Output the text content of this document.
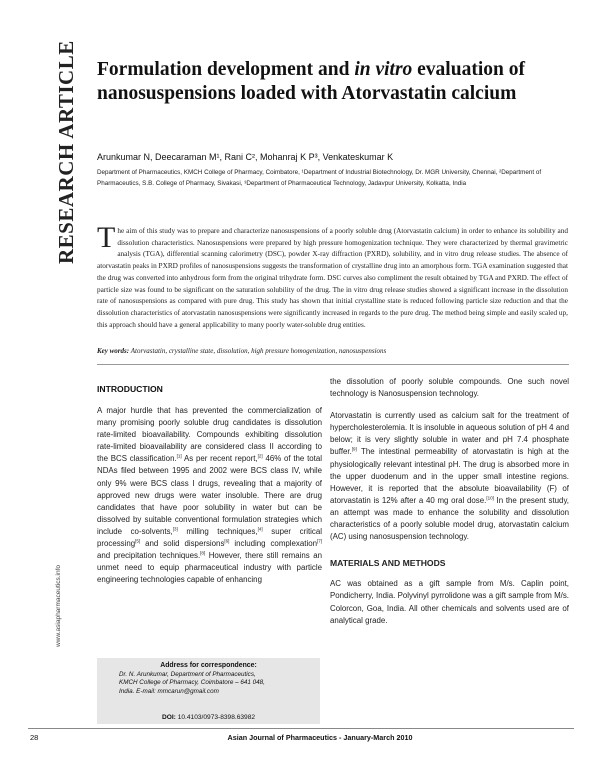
RESEARCH ARTICLE
www.asiapharmaceutics.info
Formulation development and in vitro evaluation of nanosuspensions loaded with Atorvastatin calcium
Arunkumar N, Deecaraman M¹, Rani C², Mohanraj K P³, Venkateskumar K
Department of Pharmaceutics, KMCH College of Pharmacy, Coimbatore, ¹Department of Industrial Biotechnology, Dr. MGR University, Chennai, ²Department of Pharmaceutics, S.B. College of Pharmacy, Sivakasi, ³Department of Pharmaceutical Technology, Jadavpur University, Kolkatta, India
The aim of this study was to prepare and characterize nanosuspensions of a poorly soluble drug (Atorvastatin calcium) in order to enhance its solubility and dissolution characteristics. Nanosuspensions were prepared by high pressure homogenization technique. They were characterized by thermal gravimetric analysis (TGA), differential scanning calorimetry (DSC), powder X-ray diffraction (PXRD), solubility, and in vitro drug release studies. The absence of atorvastatin peaks in PXRD profiles of nanosuspensions suggests the transformation of crystalline drug into an amorphous form. TGA examination suggested that the drug was converted into anhydrous form from the original trihydrate form. DSC curves also compliment the result obtained by TGA and PXRD. The effect of particle size was found to be significant on the saturation solubility of the drug. The in vitro drug release studies showed a significant increase in the dissolution rate of nanosuspensions as compared with pure drug. This study has shown that initial crystalline state is reduced following particle size reduction and that the dissolution characteristics of atorvastatin nanosuspensions were significantly increased in regards to the pure drug. The method being simple and easily scaled up, this approach should have a general applicability to many poorly water-soluble drug entities.
Key words: Atorvastatin, crystalline state, dissolution, high pressure homogenization, nanosuspensions
INTRODUCTION

A major hurdle that has prevented the commercialization of many promising poorly soluble drug candidates is dissolution rate-limited bioavailability. Compounds exhibiting dissolution rate-limited bioavailability are considered class II according to the BCS classification.[1] As per recent report,[2] 46% of the total NDAs filed between 1995 and 2002 were BCS class IV, while only 9% were BCS class I drugs, revealing that a majority of approved new drugs were water insoluble. There are drug candidates that have poor solubility in water but can be dissolved by suitable conventional formulation strategies which include co-solvents,[3] milling techniques,[4] super critical processing[5] and solid dispersions[6] including complexation[7] and precipitation techniques.[8] However, there still remains an unmet need to equip pharmaceutical industry with particle engineering technologies capable of enhancing

the dissolution of poorly soluble compounds. One such novel technology is Nanosuspension technology.

Atorvastatin is currently used as calcium salt for the treatment of hypercholesterolemia. It is insoluble in aqueous solution of pH 4 and below; it is very slightly soluble in water and pH 7.4 phosphate buffer.[9] The intestinal permeability of atorvastatin is high at the physiologically relevant intestinal pH. The drug is absorbed more in the upper duodenum and in the upper small intestine regions. However, it is reported that the absolute bioavailability (F) of atorvastatin is 12% after a 40 mg oral dose.[10] In the present study, an attempt was made to enhance the solubility and dissolution characteristics of a poorly soluble model drug, atorvastatin calcium (AC) using nanosuspension technology.

MATERIALS AND METHODS

AC was obtained as a gift sample from M/s. Caplin point, Pondicherry, India. Polyvinyl pyrrolidone was a gift sample from M/s. Colorcon, Goa, India. All other chemicals and solvents used are of analytical grade.

Address for correspondence:
Dr. N. Arunkumar, Department of Pharmaceutics,
KMCH College of Pharmacy, Coimbatore – 641 048,
India. E-mail: mmcarun@gmail.com
DOI: 10.4103/0973-8398.63982
28	Asian Journal of Pharmaceutics - January-March 2010
